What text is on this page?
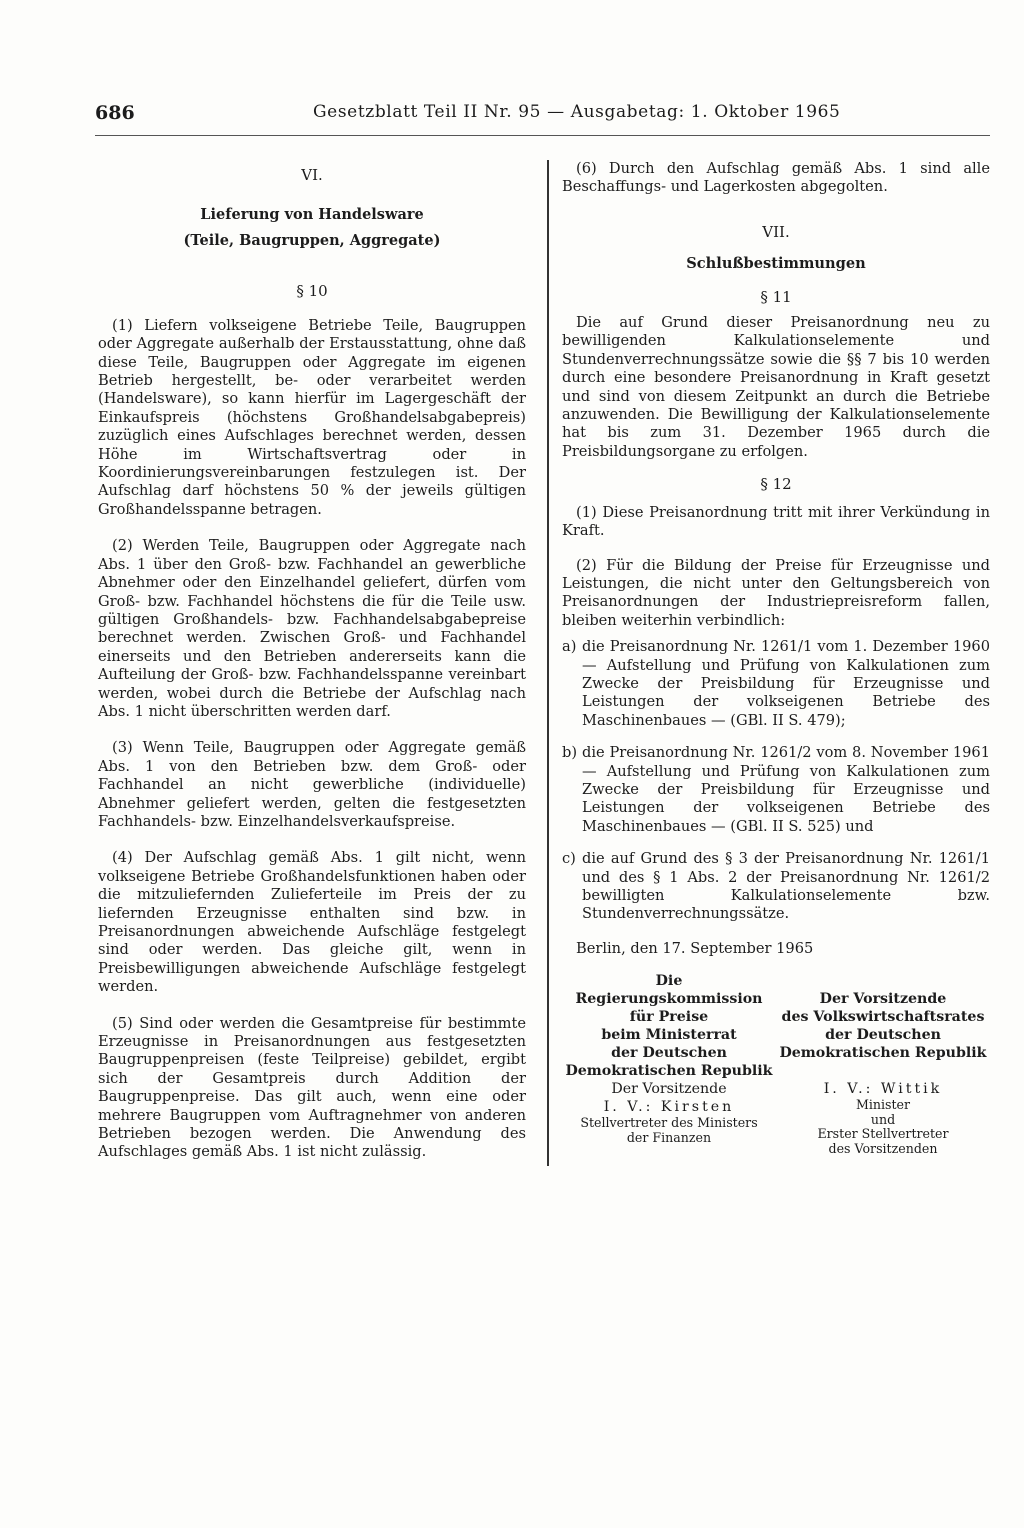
686	Gesetzblatt Teil II Nr. 95 — Ausgabetag: 1. Oktober 1965

VI.

Lieferung von Handelsware

(Teile, Baugruppen, Aggregate)

§ 10

(1) Liefern volkseigene Betriebe Teile, Baugruppen oder Aggregate außerhalb der Erstausstattung, ohne daß diese Teile, Baugruppen oder Aggregate im eigenen Betrieb hergestellt, be- oder verarbeitet werden (Handelsware), so kann hierfür im Lagergeschäft der Einkaufspreis (höchstens Großhandelsabgabepreis) zuzüglich eines Aufschlages berechnet werden, dessen Höhe im Wirtschaftsvertrag oder in Koordinierungsvereinbarungen festzulegen ist. Der Aufschlag darf höchstens 50 % der jeweils gültigen Großhandelsspanne betragen.

(2) Werden Teile, Baugruppen oder Aggregate nach Abs. 1 über den Groß- bzw. Fachhandel an gewerbliche Abnehmer oder den Einzelhandel geliefert, dürfen vom Groß- bzw. Fachhandel höchstens die für die Teile usw. gültigen Großhandels- bzw. Fachhandelsabgabepreise berechnet werden. Zwischen Groß- und Fachhandel einerseits und den Betrieben andererseits kann die Aufteilung der Groß- bzw. Fachhandelsspanne vereinbart werden, wobei durch die Betriebe der Aufschlag nach Abs. 1 nicht überschritten werden darf.

(3) Wenn Teile, Baugruppen oder Aggregate gemäß Abs. 1 von den Betrieben bzw. dem Groß- oder Fachhandel an nicht gewerbliche (individuelle) Abnehmer geliefert werden, gelten die festgesetzten Fachhandels- bzw. Einzelhandelsverkaufspreise.

(4) Der Aufschlag gemäß Abs. 1 gilt nicht, wenn volkseigene Betriebe Großhandelsfunktionen haben oder die mitzuliefernden Zulieferteile im Preis der zu liefernden Erzeugnisse enthalten sind bzw. in Preisanordnungen abweichende Aufschläge festgelegt sind oder werden. Das gleiche gilt, wenn in Preisbewilligungen abweichende Aufschläge festgelegt werden.

(5) Sind oder werden die Gesamtpreise für bestimmte Erzeugnisse in Preisanordnungen aus festgesetzten Baugruppenpreisen (feste Teilpreise) gebildet, ergibt sich der Gesamtpreis durch Addition der Baugruppenpreise. Das gilt auch, wenn eine oder mehrere Baugruppen vom Auftragnehmer von anderen Betrieben bezogen werden. Die Anwendung des Aufschlages gemäß Abs. 1 ist nicht zulässig.

(6) Durch den Aufschlag gemäß Abs. 1 sind alle Beschaffungs- und Lagerkosten abgegolten.

VII.

Schlußbestimmungen

§ 11

Die auf Grund dieser Preisanordnung neu zu bewilligenden Kalkulationselemente und Stundenverrechnungssätze sowie die §§ 7 bis 10 werden durch eine besondere Preisanordnung in Kraft gesetzt und sind von diesem Zeitpunkt an durch die Betriebe anzuwenden. Die Bewilligung der Kalkulationselemente hat bis zum 31. Dezember 1965 durch die Preisbildungsorgane zu erfolgen.

§ 12

(1) Diese Preisanordnung tritt mit ihrer Verkündung in Kraft.

(2) Für die Bildung der Preise für Erzeugnisse und Leistungen, die nicht unter den Geltungsbereich von Preisanordnungen der Industriepreisreform fallen, bleiben weiterhin verbindlich:

a) die Preisanordnung Nr. 1261/1 vom 1. Dezember 1960 — Aufstellung und Prüfung von Kalkulationen zum Zwecke der Preisbildung für Erzeugnisse und Leistungen der volkseigenen Betriebe des Maschinenbaues — (GBl. II S. 479);
b) die Preisanordnung Nr. 1261/2 vom 8. November 1961 — Aufstellung und Prüfung von Kalkulationen zum Zwecke der Preisbildung für Erzeugnisse und Leistungen der volkseigenen Betriebe des Maschinenbaues — (GBl. II S. 525) und
c) die auf Grund des § 3 der Preisanordnung Nr. 1261/1 und des § 1 Abs. 2 der Preisanordnung Nr. 1261/2 bewilligten Kalkulationselemente bzw. Stundenverrechnungssätze.

Berlin, den 17. September 1965

Die Regierungskommission
für Preise
beim Ministerrat
der Deutschen
Demokratischen Republik
Der Vorsitzende
I. V.: Kirsten
Stellvertreter des Ministers
der Finanzen
Der Vorsitzende
des Volkswirtschaftsrates
der Deutschen
Demokratischen Republik
I. V.: Wittik
Minister
und
Erster Stellvertreter
des Vorsitzenden
